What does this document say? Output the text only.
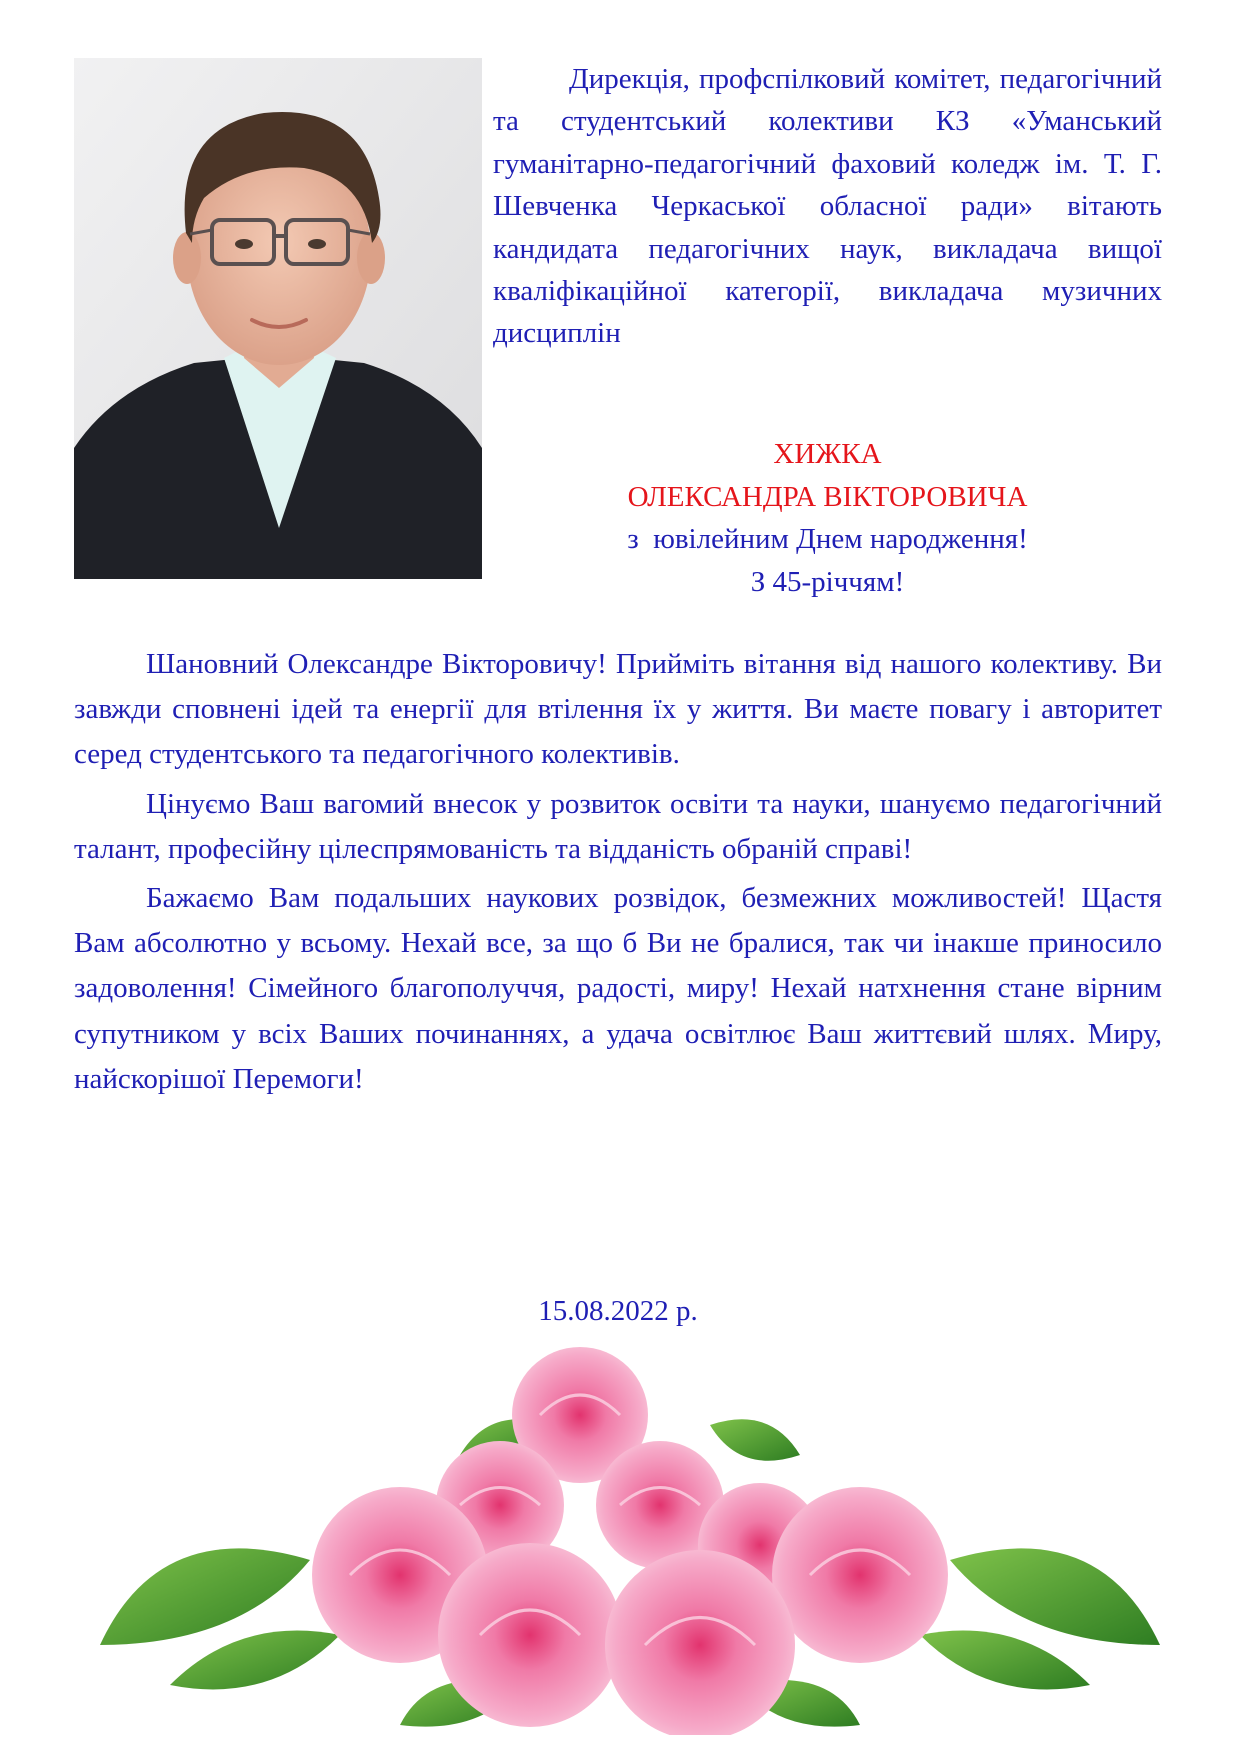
Дирекція, профспілковий комітет, педагогічний та студентський колективи КЗ «Уманський гуманітарно-педагогічний фаховий коледж ім. Т. Г. Шевченка Черкаської обласної ради» вітають кандидата педагогічних наук, викладача вищої кваліфікаційної категорії, викладача музичних дисциплін

ХИЖКА
ОЛЕКСАНДРА ВІКТОРОВИЧА
з  ювілейним Днем народження!
З 45-річчям!

Шановний Олександре Вікторовичу! Прийміть вітання від нашого колективу. Ви завжди сповнені ідей та енергії для втілення їх у життя. Ви маєте повагу і авторитет серед студентського та педагогічного колективів.

Цінуємо Ваш вагомий внесок у розвиток освіти та науки, шануємо педагогічний талант, професійну цілеспрямованість та відданість обраній справі!

Бажаємо Вам подальших наукових розвідок, безмежних можливостей! Щастя Вам абсолютно у всьому. Нехай все, за що б Ви не бралися, так чи інакше приносило задоволення! Сімейного благополуччя, радості, миру! Нехай натхнення стане вірним супутником у всіх Ваших починаннях, а удача освітлює Ваш життєвий шлях. Миру, найскорішої Перемоги!

15.08.2022 р.
